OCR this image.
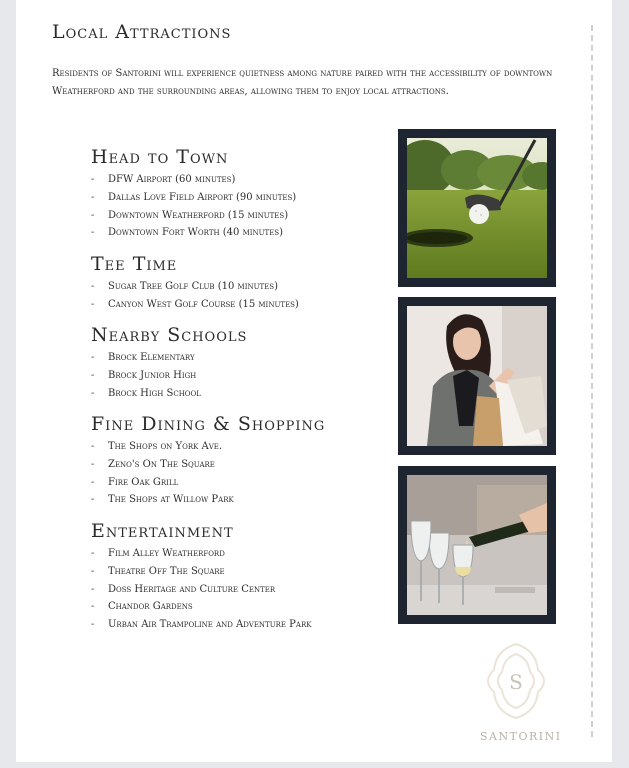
Local Attractions
Residents of Santorini will experience quietness among nature paired with the accessibility of downtown Weatherford and the surrounding areas, allowing them to enjoy local attractions.
Head to Town
- DFW Airport (60 minutes)
- Dallas Love Field Airport (90 minutes)
- Downtown Weatherford (15 minutes)
- Downtown Fort Worth (40 minutes)
Tee Time
- Sugar Tree Golf Club (10 minutes)
- Canyon West Golf Course (15 minutes)
Nearby Schools
- Brock Elementary
- Brock Junior High
- Brock High School
Fine Dining & Shopping
- The Shops on York Ave.
- Zeno's On The Square
- Fire Oak Grill
- The Shops at Willow Park
Entertainment
- Film Alley Weatherford
- Theatre Off The Square
- Doss Heritage and Culture Center
- Chandor Gardens
- Urban Air Trampoline and Adventure Park
S
SANTORINI
